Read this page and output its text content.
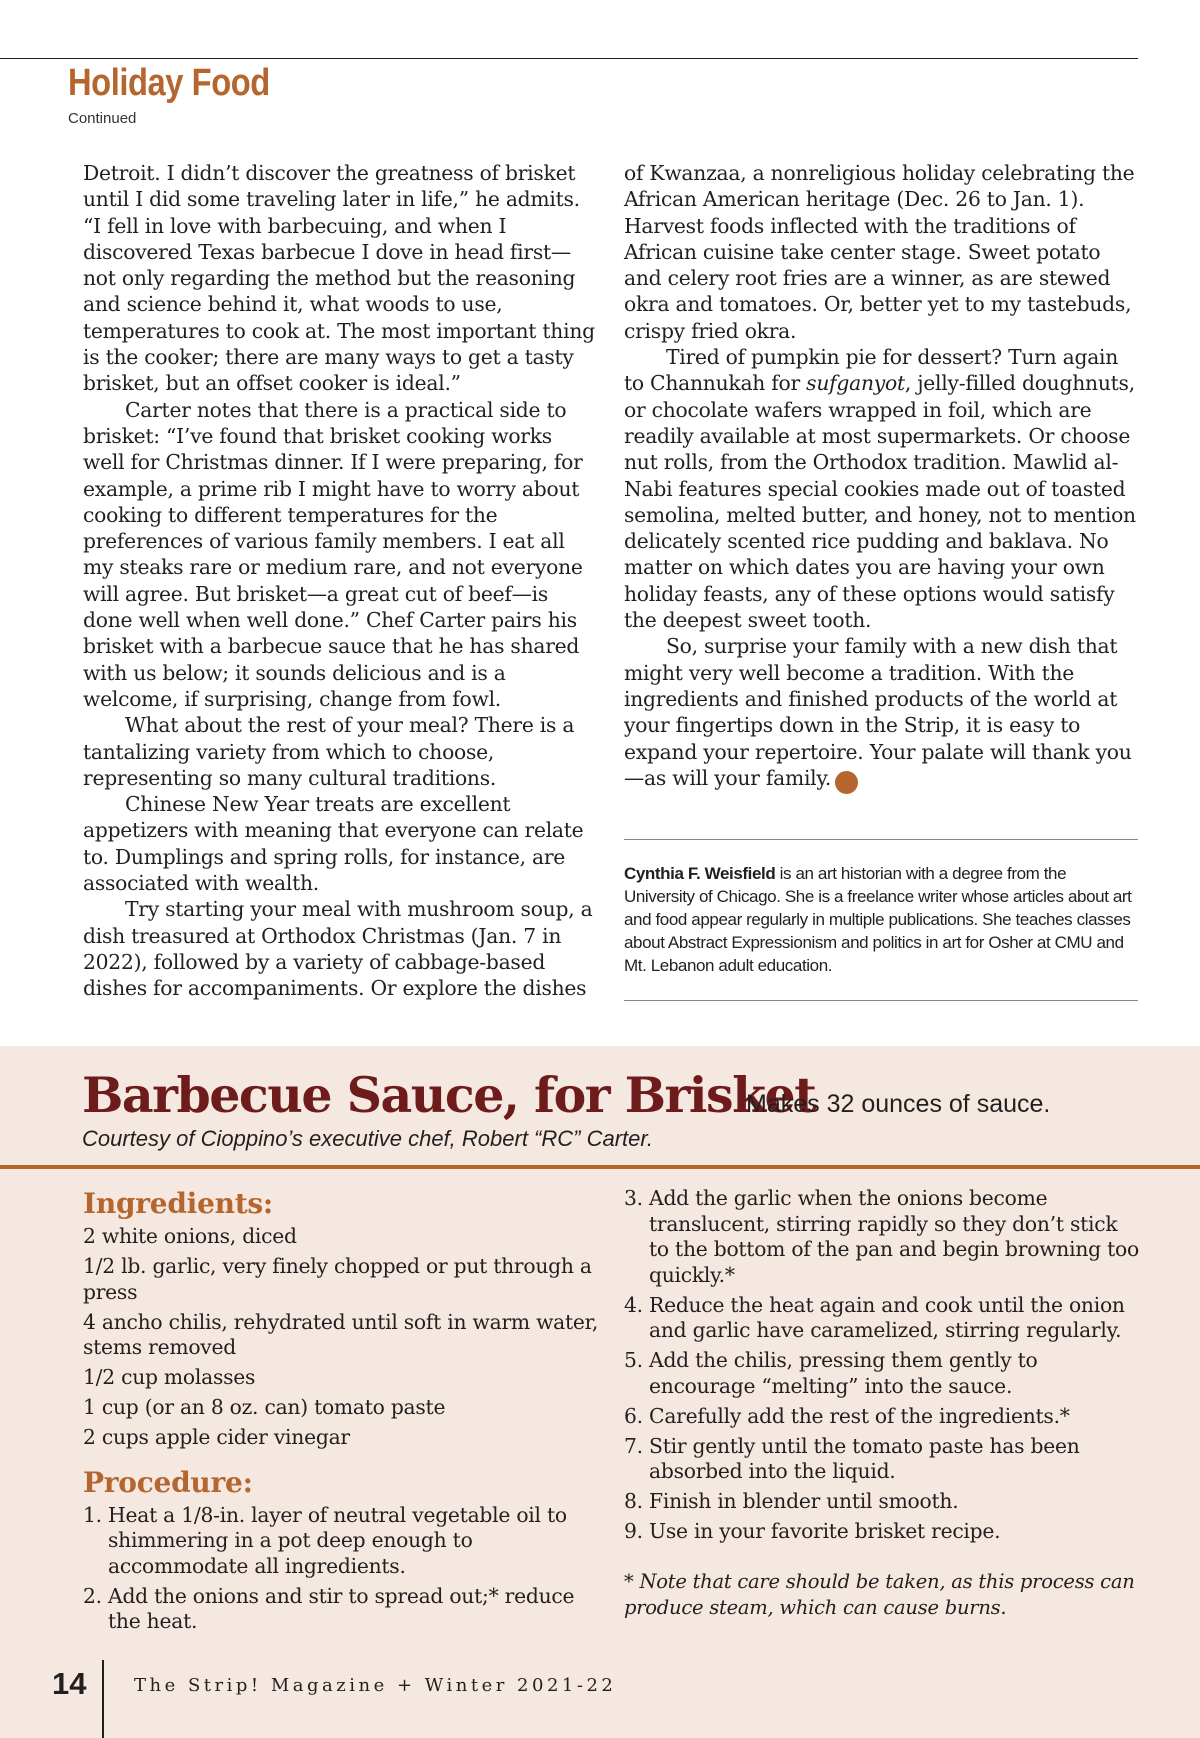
Holiday Food
Continued

Detroit. I didn’t discover the greatness of brisket until I did some traveling later in life,” he admits. “I fell in love with barbecuing, and when I discovered Texas barbecue I dove in head first—not only regarding the method but the reasoning and science behind it, what woods to use, temperatures to cook at. The most important thing is the cooker; there are many ways to get a tasty brisket, but an offset cooker is ideal.”

Carter notes that there is a practical side to brisket: “I’ve found that brisket cooking works well for Christmas dinner. If I were preparing, for example, a prime rib I might have to worry about cooking to different temperatures for the preferences of various family members. I eat all my steaks rare or medium rare, and not everyone will agree. But brisket—a great cut of beef—is done well when well done.” Chef Carter pairs his brisket with a barbecue sauce that he has shared with us below; it sounds delicious and is a welcome, if surprising, change from fowl.

What about the rest of your meal? There is a tantalizing variety from which to choose, representing so many cultural traditions.

Chinese New Year treats are excellent appetizers with meaning that everyone can relate to. Dumplings and spring rolls, for instance, are associated with wealth.

Try starting your meal with mushroom soup, a dish treasured at Orthodox Christmas (Jan. 7 in 2022), followed by a variety of cabbage-based dishes for accompaniments. Or explore the dishes

of Kwanzaa, a nonreligious holiday celebrating the African American heritage (Dec. 26 to Jan. 1). Harvest foods inflected with the traditions of African cuisine take center stage. Sweet potato and celery root fries are a winner, as are stewed okra and tomatoes. Or, better yet to my tastebuds, crispy fried okra.

Tired of pumpkin pie for dessert? Turn again to Channukah for sufganyot, jelly-filled doughnuts, or chocolate wafers wrapped in foil, which are readily available at most supermarkets. Or choose nut rolls, from the Orthodox tradition. Mawlid al-Nabi features special cookies made out of toasted semolina, melted butter, and honey, not to mention delicately scented rice pudding and baklava. No matter on which dates you are having your own holiday feasts, any of these options would satisfy the deepest sweet tooth.

So, surprise your family with a new dish that might very well become a tradition. With the ingredients and finished products of the world at your fingertips down in the Strip, it is easy to expand your repertoire. Your palate will thank you—as will your family.	!

Cynthia F. Weisfield is an art historian with a degree from the University of Chicago. She is a freelance writer whose articles about art and food appear regularly in multiple publications. She teaches classes about Abstract Expressionism and politics in art for Osher at CMU and Mt. Lebanon adult education.

Barbecue Sauce, for Brisket
Makes 32 ounces of sauce.
Courtesy of Cioppino’s executive chef, Robert “RC” Carter.
Ingredients:
2 white onions, diced
1/2 lb. garlic, very finely chopped or put through a press
4 ancho chilis, rehydrated until soft in warm water, stems removed
1/2 cup molasses
1 cup (or an 8 oz. can) tomato paste
2 cups apple cider vinegar
Procedure:
1. Heat a 1/8-in. layer of neutral vegetable oil to shimmering in a pot deep enough to accommodate all ingredients.
2. Add the onions and stir to spread out;* reduce the heat.
3. Add the garlic when the onions become translucent, stirring rapidly so they don’t stick to the bottom of the pan and begin browning too quickly.*
4. Reduce the heat again and cook until the onion and garlic have caramelized, stirring regularly.
5. Add the chilis, pressing them gently to encourage “melting” into the sauce.
6. Carefully add the rest of the ingredients.*
7. Stir gently until the tomato paste has been absorbed into the liquid.
8. Finish in blender until smooth.
9. Use in your favorite brisket recipe.

* Note that care should be taken, as this process can produce steam, which can cause burns.

14	The Strip! Magazine + Winter 2021-22
